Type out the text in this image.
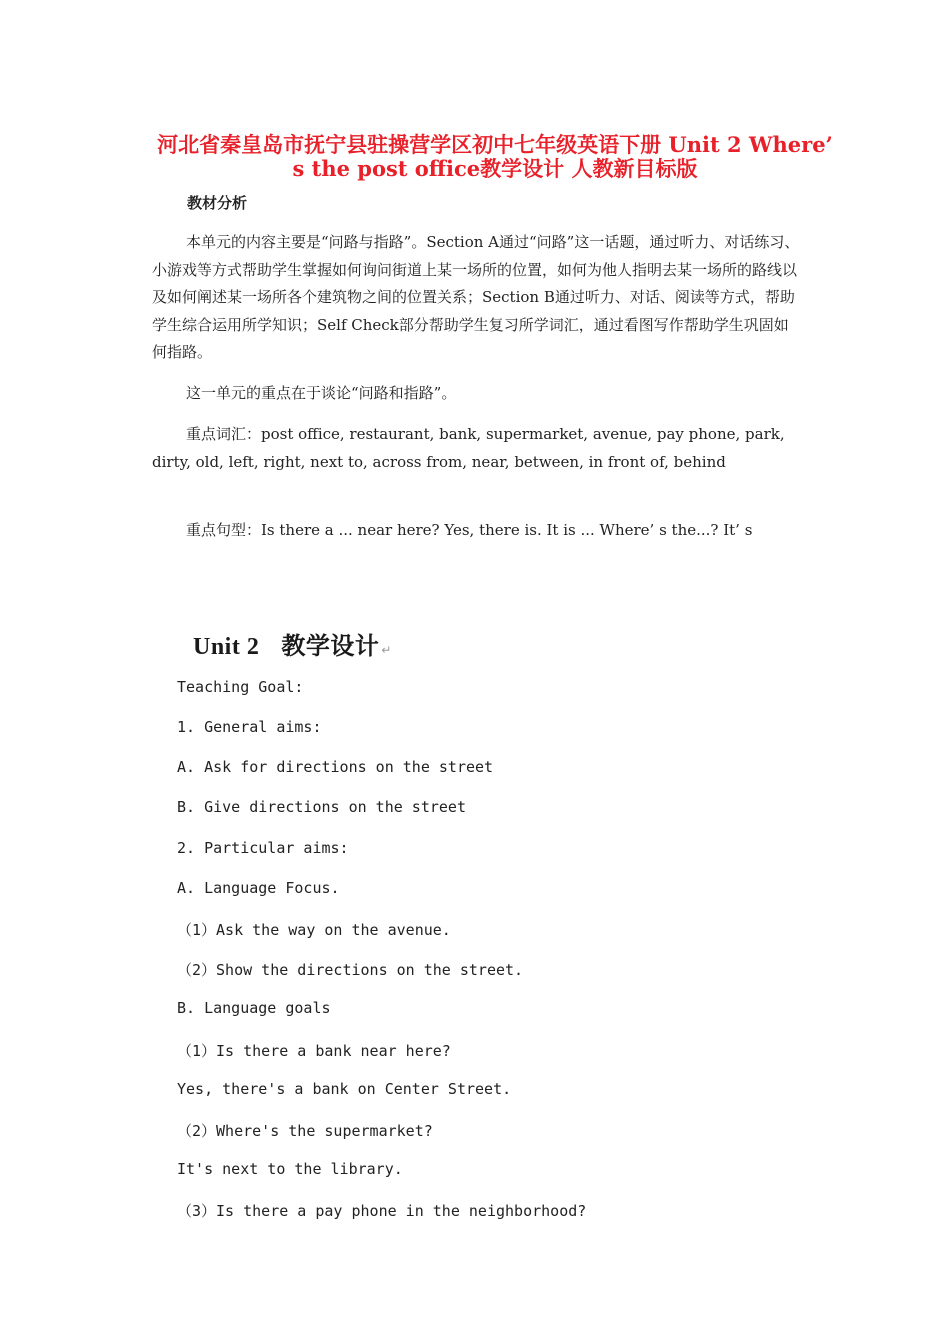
河北省秦皇岛市抚宁县驻操营学区初中七年级英语下册 Unit 2 Where’ s the post office教学设计 人教新目标版
教材分析
本单元的内容主要是“问路与指路”。Section A通过“问路”这一话题，通过听力、对话练习、小游戏等方式帮助学生掌握如何询问街道上某一场所的位置，如何为他人指明去某一场所的路线以及如何阐述某一场所各个建筑物之间的位置关系；Section B通过听力、对话、阅读等方式，帮助学生综合运用所学知识；Self Check部分帮助学生复习所学词汇，通过看图写作帮助学生巩固如何指路。
这一单元的重点在于谈论“问路和指路”。
重点词汇：post office, restaurant, bank, supermarket, avenue, pay phone, park, dirty, old, left, right, next to, across from, near, between, in front of, behind
重点句型：Is there a ... near here? Yes, there is. It is ... Where’ s the...? It’ s
Unit 2 教学设计 ↵
Teaching Goal:
1. General aims:
A. Ask for directions on the street
B. Give directions on the street
2. Particular aims:
A. Language Focus.
（1）Ask the way on the avenue.
（2）Show the directions on the street.
B. Language goals
（1）Is there a bank near here?
Yes, there's a bank on Center Street.
（2）Where's the supermarket?
It's next to the library.
（3）Is there a pay phone in the neighborhood?
